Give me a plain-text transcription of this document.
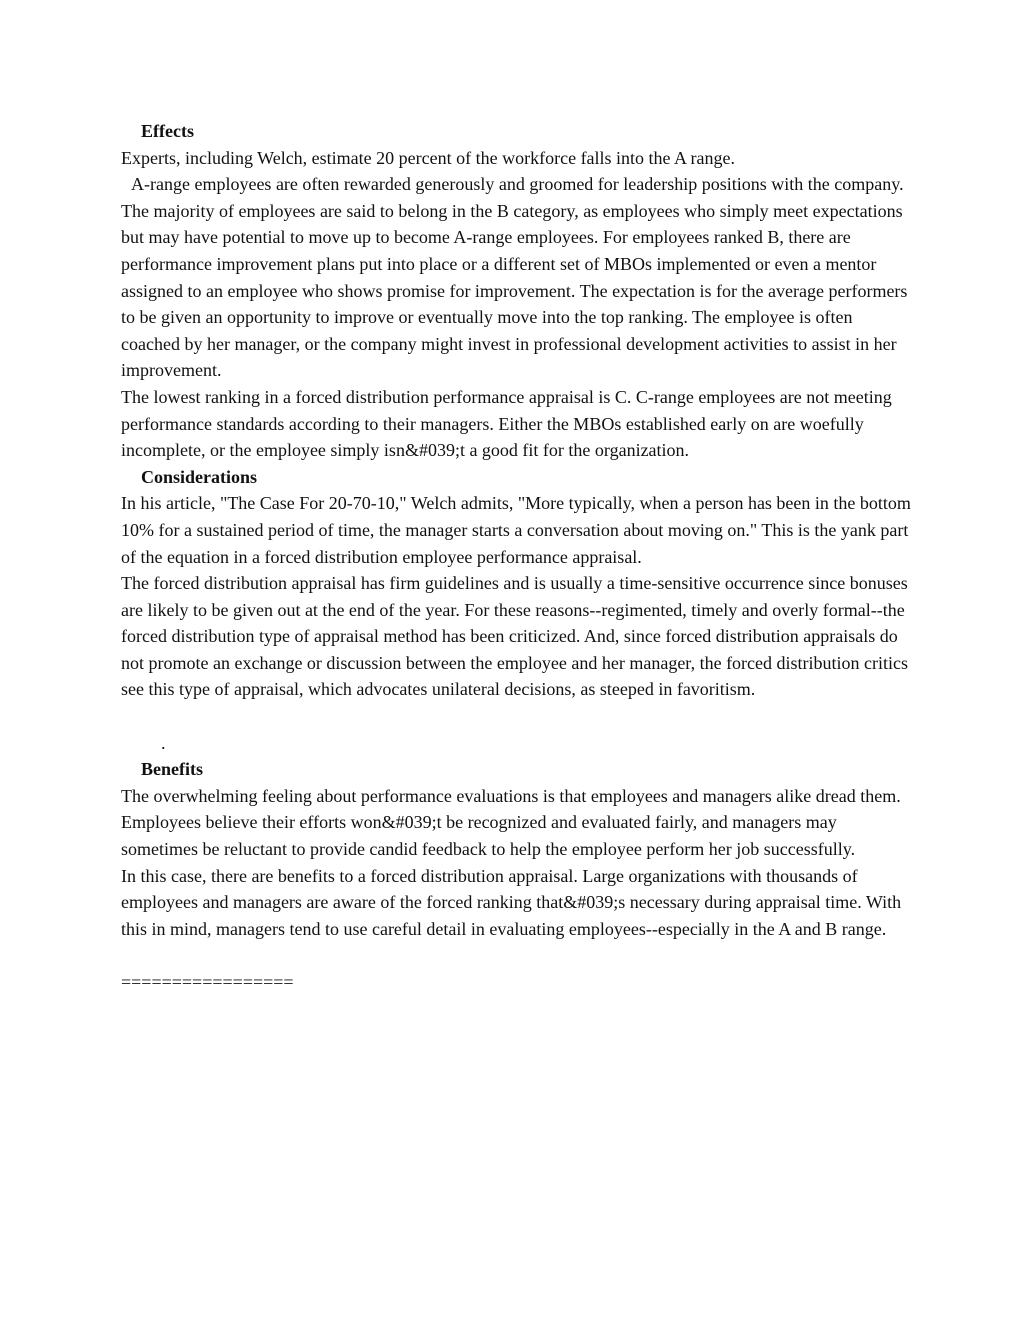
Effects

Experts, including Welch, estimate 20 percent of the workforce falls into the A range.

A-range employees are often rewarded generously and groomed for leadership positions with the company.

The majority of employees are said to belong in the B category, as employees who simply meet expectations but may have potential to move up to become A-range employees. For employees ranked B, there are performance improvement plans put into place or a different set of MBOs implemented or even a mentor assigned to an employee who shows promise for improvement. The expectation is for the average performers to be given an opportunity to improve or eventually move into the top ranking. The employee is often coached by her manager, or the company might invest in professional development activities to assist in her improvement.

The lowest ranking in a forced distribution performance appraisal is C. C-range employees are not meeting performance standards according to their managers. Either the MBOs established early on are woefully incomplete, or the employee simply isn&#039;t a good fit for the organization.

Considerations

In his article, "The Case For 20-70-10," Welch admits, "More typically, when a person has been in the bottom 10% for a sustained period of time, the manager starts a conversation about moving on." This is the yank part of the equation in a forced distribution employee performance appraisal.

The forced distribution appraisal has firm guidelines and is usually a time-sensitive occurrence since bonuses are likely to be given out at the end of the year. For these reasons--regimented, timely and overly formal--the forced distribution type of appraisal method has been criticized. And, since forced distribution appraisals do not promote an exchange or discussion between the employee and her manager, the forced distribution critics see this type of appraisal, which advocates unilateral decisions, as steeped in favoritism.

.

Benefits

The overwhelming feeling about performance evaluations is that employees and managers alike dread them. Employees believe their efforts won&#039;t be recognized and evaluated fairly, and managers may sometimes be reluctant to provide candid feedback to help the employee perform her job successfully.

In this case, there are benefits to a forced distribution appraisal. Large organizations with thousands of employees and managers are aware of the forced ranking that&#039;s necessary during appraisal time. With this in mind, managers tend to use careful detail in evaluating employees--especially in the A and B range.

=================
